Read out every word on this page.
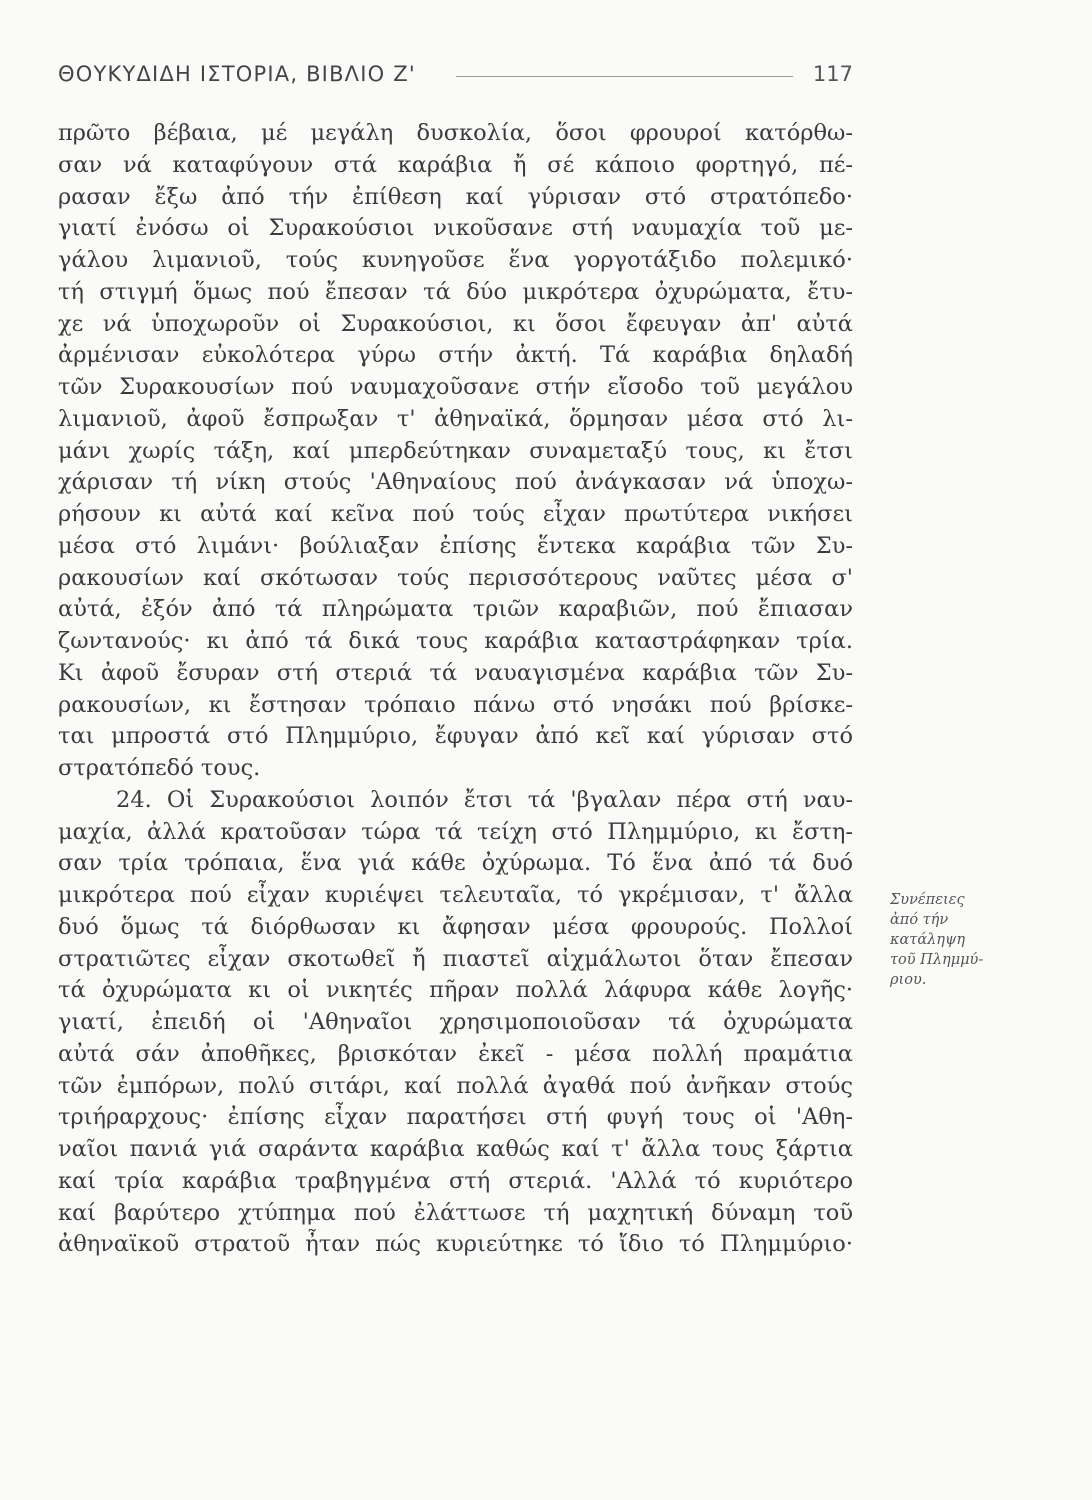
ΘΟΥΚΥΔΙΔΗ ΙΣΤΟΡΙΑ, ΒΙΒΛΙΟ Ζ'	117
πρῶτο βέβαια, μέ μεγάλη δυσκολία, ὅσοι φρουροί κατόρθω-
σαν νά καταφύγουν στά καράβια ἤ σέ κάποιο φορτηγό, πέ-
ρασαν ἔξω ἀπό τήν ἐπίθεση καί γύρισαν στό στρατόπεδο·
γιατί ἐνόσω οἱ Συρακούσιοι νικοῦσανε στή ναυμαχία τοῦ με-
γάλου λιμανιοῦ, τούς κυνηγοῦσε ἕνα γοργοτάξιδο πολεμικό·
τή στιγμή ὅμως πού ἔπεσαν τά δύο μικρότερα ὀχυρώματα, ἔτυ-
χε νά ὑποχωροῦν οἱ Συρακούσιοι, κι ὅσοι ἔφευγαν ἀπ' αὐτά
ἀρμένισαν εὐκολότερα γύρω στήν ἀκτή. Τά καράβια δηλαδή
τῶν Συρακουσίων πού ναυμαχοῦσανε στήν εἴσοδο τοῦ μεγάλου
λιμανιοῦ, ἀφοῦ ἔσπρωξαν τ' ἀθηναϊκά, ὅρμησαν μέσα στό λι-
μάνι χωρίς τάξη, καί μπερδεύτηκαν συναμεταξύ τους, κι ἔτσι
χάρισαν τή νίκη στούς 'Αθηναίους πού ἀνάγκασαν νά ὑποχω-
ρήσουν κι αὐτά καί κεῖνα πού τούς εἶχαν πρωτύτερα νικήσει
μέσα στό λιμάνι· βούλιαξαν ἐπίσης ἕντεκα καράβια τῶν Συ-
ρακουσίων καί σκότωσαν τούς περισσότερους ναῦτες μέσα σ'
αὐτά, ἐξόν ἀπό τά πληρώματα τριῶν καραβιῶν, πού ἔπιασαν
ζωντανούς· κι ἀπό τά δικά τους καράβια καταστράφηκαν τρία.
Κι ἀφοῦ ἔσυραν στή στεριά τά ναυαγισμένα καράβια τῶν Συ-
ρακουσίων, κι ἔστησαν τρόπαιο πάνω στό νησάκι πού βρίσκε-
ται μπροστά στό Πλημμύριο, ἔφυγαν ἀπό κεῖ καί γύρισαν στό
στρατόπεδό τους.
24. Οἱ Συρακούσιοι λοιπόν ἔτσι τά 'βγαλαν πέρα στή ναυ-
μαχία, ἀλλά κρατοῦσαν τώρα τά τείχη στό Πλημμύριο, κι ἔστη-
σαν τρία τρόπαια, ἕνα γιά κάθε ὀχύρωμα. Τό ἕνα ἀπό τά δυό
μικρότερα πού εἶχαν κυριέψει τελευταῖα, τό γκρέμισαν, τ' ἄλλα
δυό ὅμως τά διόρθωσαν κι ἄφησαν μέσα φρουρούς. Πολλοί
στρατιῶτες εἶχαν σκοτωθεῖ ἤ πιαστεῖ αἰχμάλωτοι ὅταν ἔπεσαν
τά ὀχυρώματα κι οἱ νικητές πῆραν πολλά λάφυρα κάθε λογῆς·
γιατί, ἐπειδή οἱ 'Αθηναῖοι χρησιμοποιοῦσαν τά ὀχυρώματα
αὐτά σάν ἀποθῆκες, βρισκόταν ἐκεῖ - μέσα πολλή πραμάτια
τῶν ἐμπόρων, πολύ σιτάρι, καί πολλά ἀγαθά πού ἀνῆκαν στούς
τριήραρχους· ἐπίσης εἶχαν παρατήσει στή φυγή τους οἱ 'Αθη-
ναῖοι πανιά γιά σαράντα καράβια καθώς καί τ' ἄλλα τους ξάρτια
καί τρία καράβια τραβηγμένα στή στεριά. 'Αλλά τό κυριότερο
καί βαρύτερο χτύπημα πού ἐλάττωσε τή μαχητική δύναμη τοῦ
ἀθηναϊκοῦ στρατοῦ ἦταν πώς κυριεύτηκε τό ἴδιο τό Πλημμύριο·
Συνέπειες
ἀπό τήν
κατάληψη
τοῦ Πλημμύ-
ριου.
